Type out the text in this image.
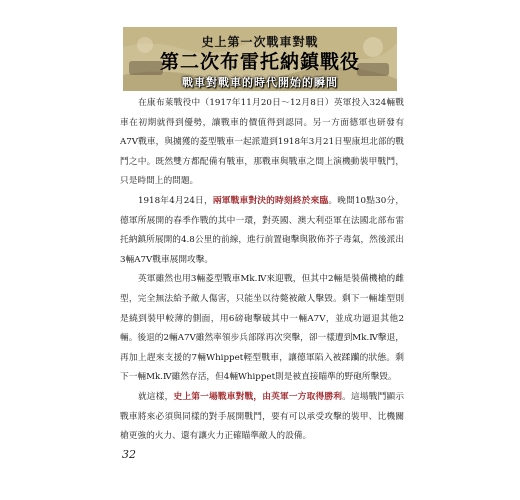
史上第一次戰車對戰
第二次布雷托納鎮戰役
戰車對戰車的時代開始的瞬間

在康布萊戰役中（1917年11月20日～12月8日）英軍投入324輛戰車在初期就得到優勢，讓戰車的價值得到認同。另一方面德軍也研發有A7V戰車，與擄獲的菱型戰車一起派遣到1918年3月21日聖康坦北部的戰鬥之中。既然雙方都配備有戰車，那戰車與戰車之間上演機動裝甲戰鬥，只是時間上的問題。

1918年4月24日，兩軍戰車對決的時刻終於來臨。晚間10點30分，德軍所展開的春季作戰的其中一環，對英國、澳大利亞軍在法國北部布雷托納鎮所展開的4.8公里的前線，進行前置砲擊與散佈芥子毒氣，然後派出3輛A7V戰車展開攻擊。

英軍雖然也用3輛菱型戰車Mk.Ⅳ來迎戰，但其中2輛是裝備機槍的雌型，完全無法給予敵人傷害，只能坐以待斃被敵人擊毀。剩下一輛雄型則是繞到裝甲較薄的側面，用6磅砲擊破其中一輛A7V，並成功逼退其他2輛。後退的2輛A7V雖然率領步兵部隊再次突擊，卻一樣遭到Mk.Ⅳ擊退，再加上趕來支援的7輛Whippet輕型戰車，讓德軍陷入被蹂躪的狀態。剩下一輛Mk.Ⅳ雖然存活，但4輛Whippet則是被直接瞄準的野砲所擊毀。

就這樣，史上第一場戰車對戰，由英軍一方取得勝利。這場戰鬥顯示戰車將來必須與同樣的對手展開戰鬥，要有可以承受攻擊的裝甲、比機關槍更強的火力、還有讓火力正確瞄準敵人的設備。

32
